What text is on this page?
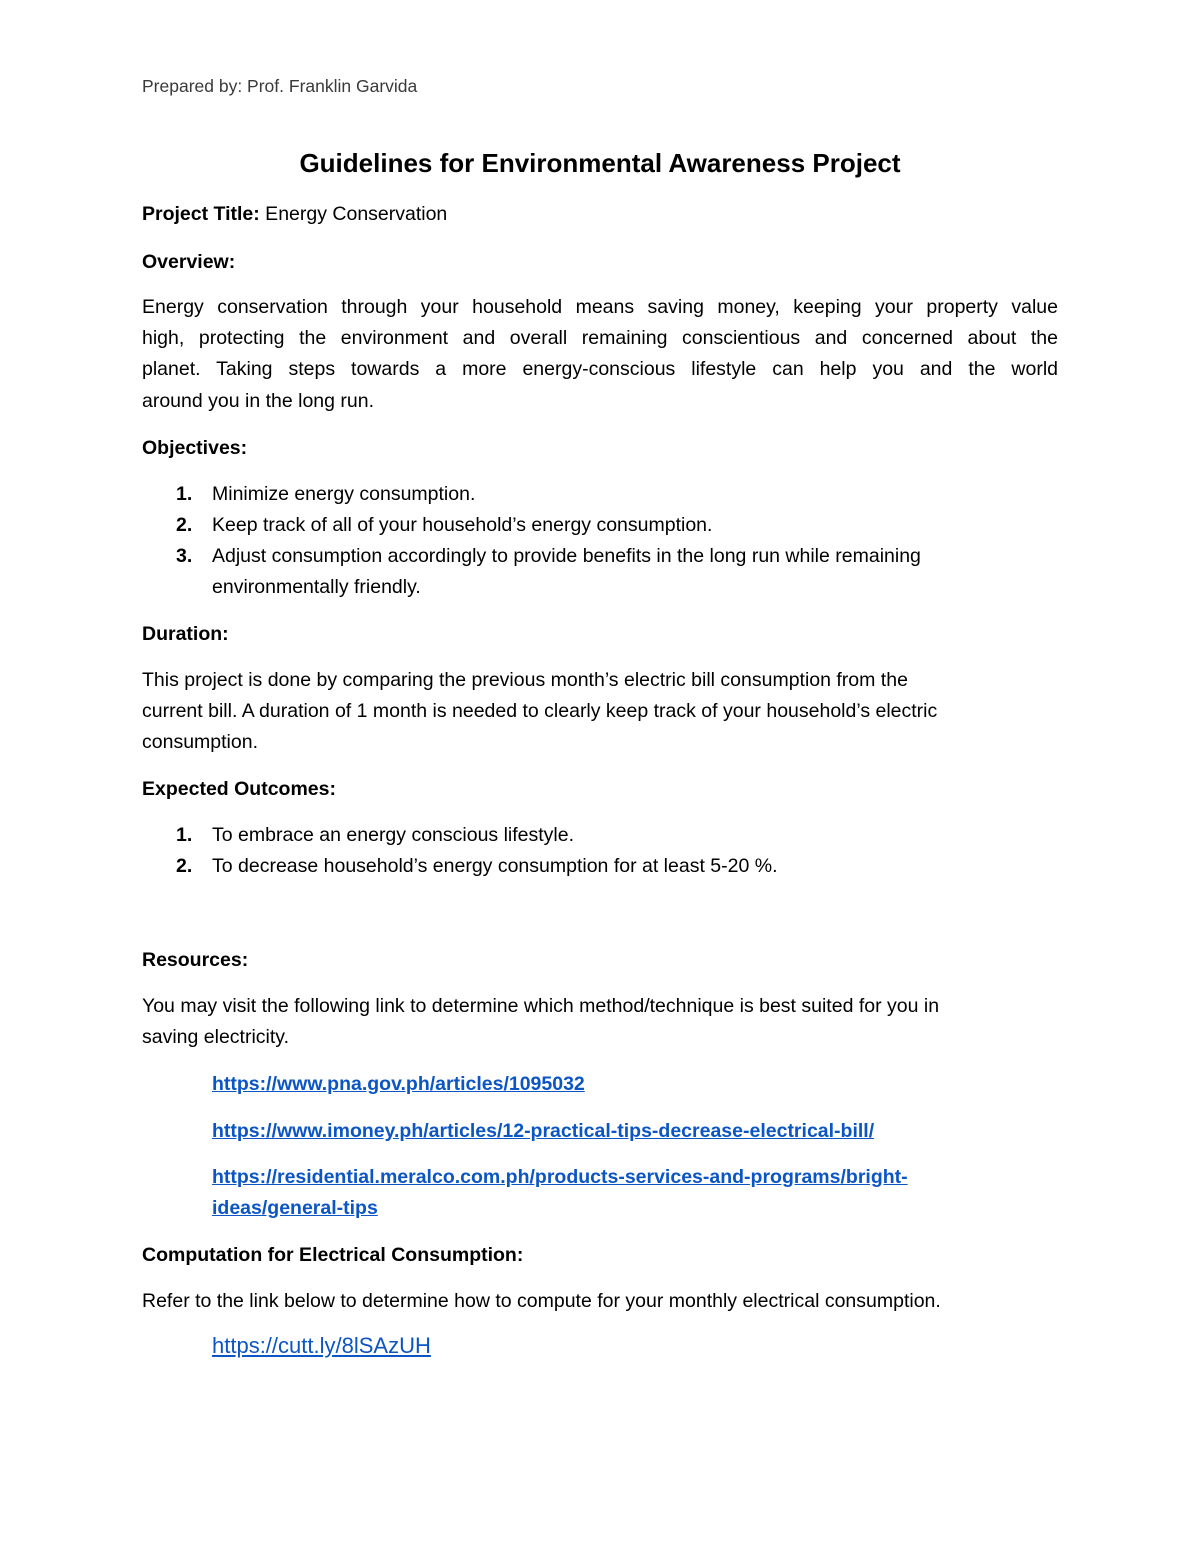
Prepared by: Prof. Franklin Garvida
Guidelines for Environmental Awareness Project
Project Title: Energy Conservation
Overview:
Energy conservation through your household means saving money, keeping your property value
high, protecting the environment and overall remaining conscientious and concerned about the
planet. Taking steps towards a more energy-conscious lifestyle can help you and the world
around you in the long run.
Objectives:
1. Minimize energy consumption.
2. Keep track of all of your household’s energy consumption.
3. Adjust consumption accordingly to provide benefits in the long run while remaining
environmentally friendly.
Duration:
This project is done by comparing the previous month’s electric bill consumption from the
current bill. A duration of 1 month is needed to clearly keep track of your household’s electric
consumption.
Expected Outcomes:
1. To embrace an energy conscious lifestyle.
2. To decrease household’s energy consumption for at least 5-20 %.
Resources:
You may visit the following link to determine which method/technique is best suited for you in
saving electricity.
https://www.pna.gov.ph/articles/1095032
https://www.imoney.ph/articles/12-practical-tips-decrease-electrical-bill/
https://residential.meralco.com.ph/products-services-and-programs/bright-
ideas/general-tips
Computation for Electrical Consumption:
Refer to the link below to determine how to compute for your monthly electrical consumption.
https://cutt.ly/8lSAzUH
